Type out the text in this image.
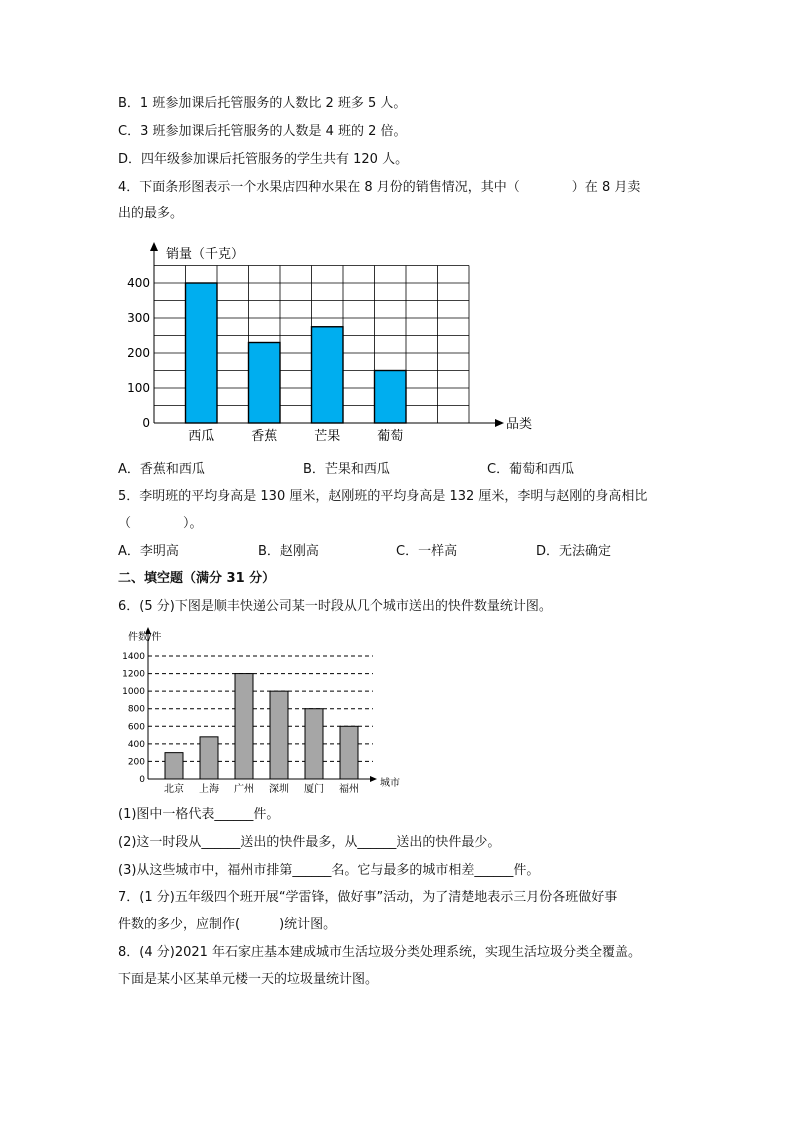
B．1 班参加课后托管服务的人数比 2 班多 5 人。
C．3 班参加课后托管服务的人数是 4 班的 2 倍。
D．四年级参加课后托管服务的学生共有 120 人。
4．下面条形图表示一个水果店四种水果在 8 月份的销售情况，其中（　　　　）在 8 月卖
出的最多。
销量（千克）
品类
0
100
200
300
400
西瓜	香蕉	芒果	葡萄
A．香蕉和西瓜	B．芒果和西瓜	C．葡萄和西瓜
5．李明班的平均身高是 130 厘米，赵刚班的平均身高是 132 厘米，李明与赵刚的身高相比
（　　　　）。
A．李明高	B．赵刚高	C．一样高	D．无法确定
二、填空题（满分 31 分）
6．(5 分)下图是顺丰快递公司某一时段从几个城市送出的快件数量统计图。
件数/件
城市
0
200
400
600
800
1000
1200
1400
北京 上海 广州 深圳 厦门 福州
(1)图中一格代表______件。
(2)这一时段从______送出的快件最多，从______送出的快件最少。
(3)从这些城市中，福州市排第______名。它与最多的城市相差______件。
7．(1 分)五年级四个班开展“学雷锋，做好事”活动，为了清楚地表示三月份各班做好事
件数的多少，应制作(　　　)统计图。
8．(4 分)2021 年石家庄基本建成城市生活垃圾分类处理系统，实现生活垃圾分类全覆盖。
下面是某小区某单元楼一天的垃圾量统计图。
